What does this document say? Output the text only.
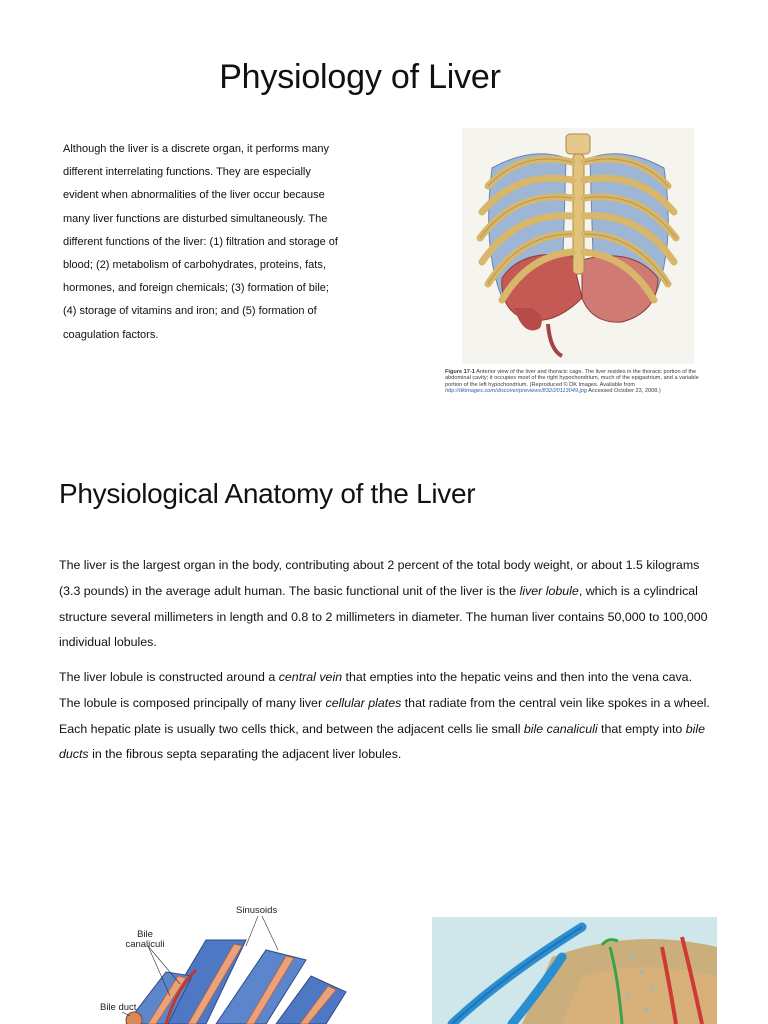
Physiology of Liver

Although the liver is a discrete organ, it performs many different interrelating functions. They are especially evident when abnormalities of the liver occur because many liver functions are disturbed simultaneously. The different functions of the liver: (1) filtration and storage of blood; (2) metabolism of carbohydrates, proteins, fats, hormones, and foreign chemicals; (3) formation of bile; (4) storage of vitamins and iron; and (5) formation of coagulation factors.

Figure 17-1 Anterior view of the liver and thoracic cage. The liver resides in the thoracic portion of the abdominal cavity; it occupies most of the right hypochondrium, much of the epigastrium, and a variable portion of the left hypochondrium. (Reproduced © DK Images. Available from http://dkimages.com/discover/previews/832/20113049.jpg Accessed October 23, 2008.)

Physiological Anatomy of the Liver

The liver is the largest organ in the body, contributing about 2 percent of the total body weight, or about 1.5 kilograms (3.3 pounds) in the average adult human. The basic functional unit of the liver is the liver lobule, which is a cylindrical structure several millimeters in length and 0.8 to 2 millimeters in diameter. The human liver contains 50,000 to 100,000 individual lobules.

The liver lobule is constructed around a central vein that empties into the hepatic veins and then into the vena cava. The lobule is composed principally of many liver cellular plates that radiate from the central vein like spokes in a wheel. Each hepatic plate is usually two cells thick, and between the adjacent cells lie small bile canaliculi that empty into bile ducts in the fibrous septa separating the adjacent liver lobules.

Sinusoids
Bile canaliculi
Bile duct
